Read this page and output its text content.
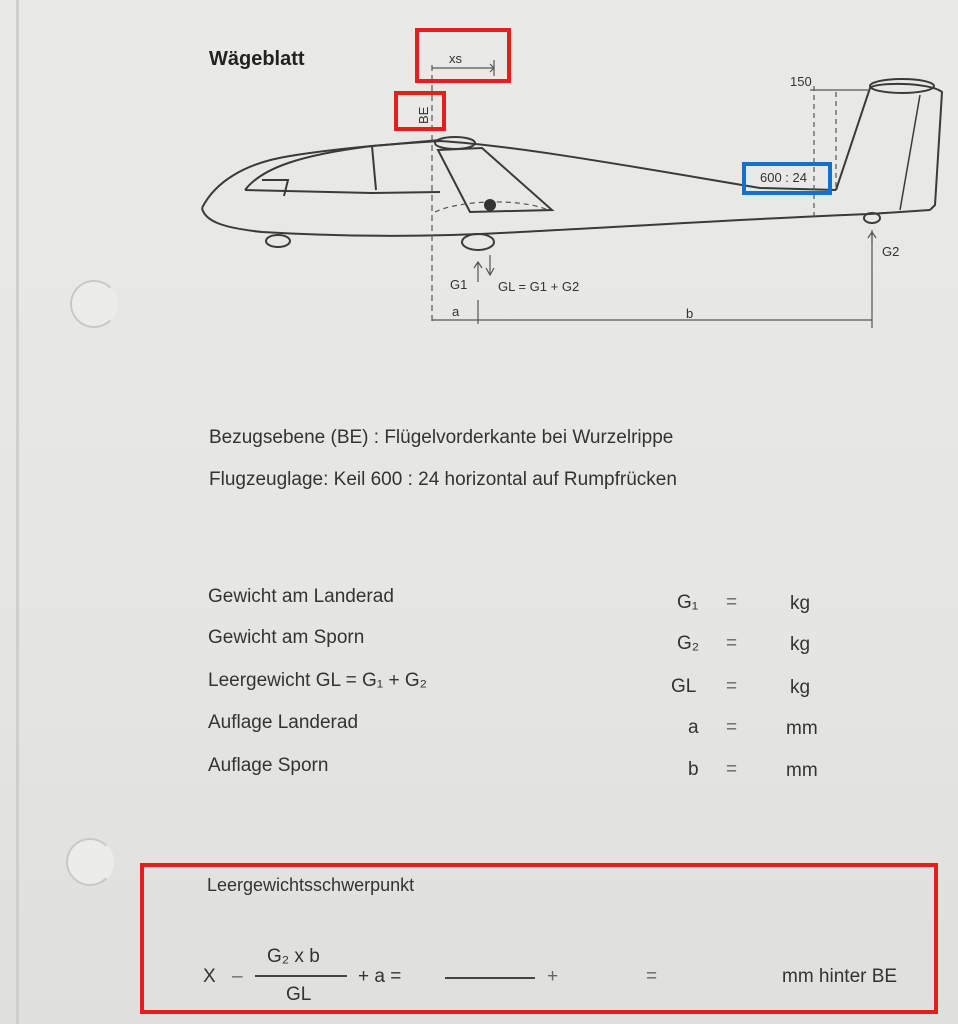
Wägeblatt	xs
150
600 : 24
G1 GL = G1 + G2
G2
a	b
BE
Bezugsebene (BE) : Flügelvorderkante bei Wurzelrippe
Flugzeuglage: Keil 600 : 24 horizontal auf Rumpfrücken
Gewicht am Landerad	G₁ =	kg
Gewicht am Sporn	G₂ =	kg
Leergewicht GL = G₁ + G₂	GL =	kg
Auflage Landerad	a =	mm
Auflage Sporn	b =	mm
Leergewichtsschwerpunkt
X –
G₂ x b
GL
+ a =	+	=	mm hinter BE
